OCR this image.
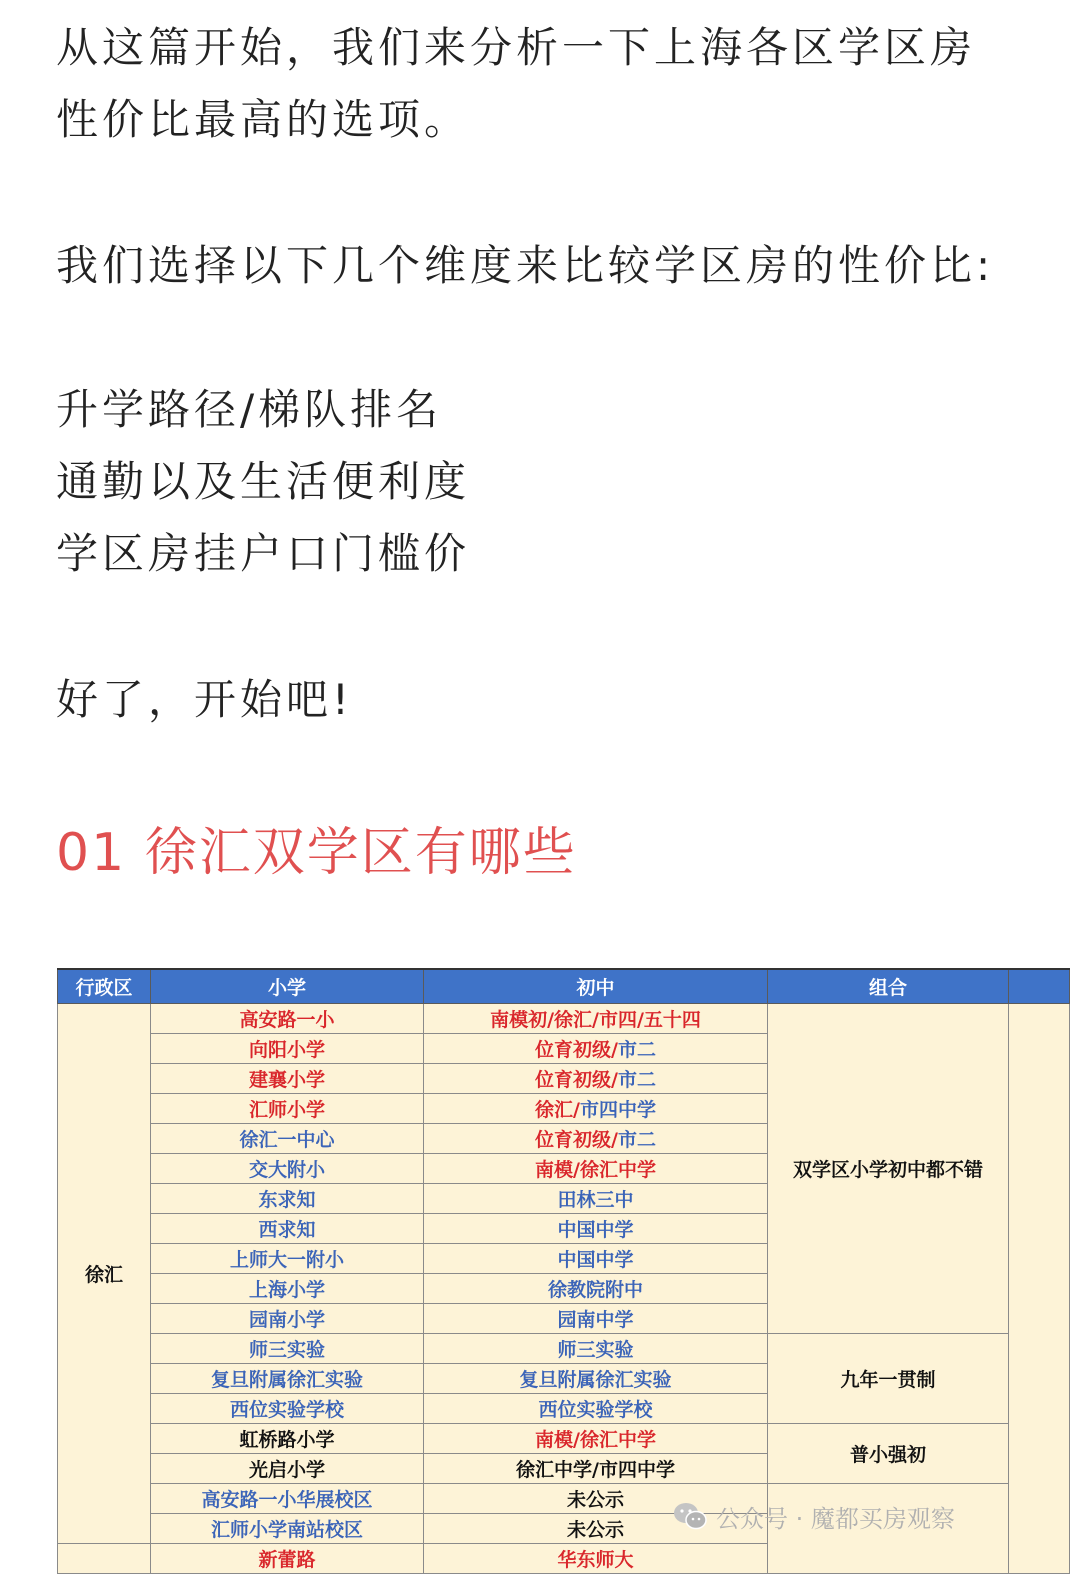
从这篇开始，我们来分析一下上海各区学区房
性价比最高的选项。
我们选择以下几个维度来比较学区房的性价比:
升学路径/梯队排名
通勤以及生活便利度
学区房挂户口门槛价
好了，开始吧!
01 徐汇双学区有哪些
行政区	小学	初中	组合	
徐汇	高安路一小	南模初/徐汇/市四/五十四	双学区小学初中都不错	
	向阳小学	位育初级/市二		
	建襄小学	位育初级/市二		
	汇师小学	徐汇/市四中学		
	徐汇一中心	位育初级/市二		
	交大附小	南模/徐汇中学		
	东求知	田林三中		
	西求知	中国中学		
	上师大一附小	中国中学		
	上海小学	徐教院附中		
	园南小学	园南中学		
	师三实验	师三实验	九年一贯制	
	复旦附属徐汇实验	复旦附属徐汇实验		
	西位实验学校	西位实验学校		
	虹桥路小学	南模/徐汇中学	普小强初	
	光启小学	徐汇中学/市四中学		
	高安路一小华展校区	未公示		
	汇师小学南站校区	未公示		
	新蕾路	华东师大		
公众号 · 魔都买房观察
